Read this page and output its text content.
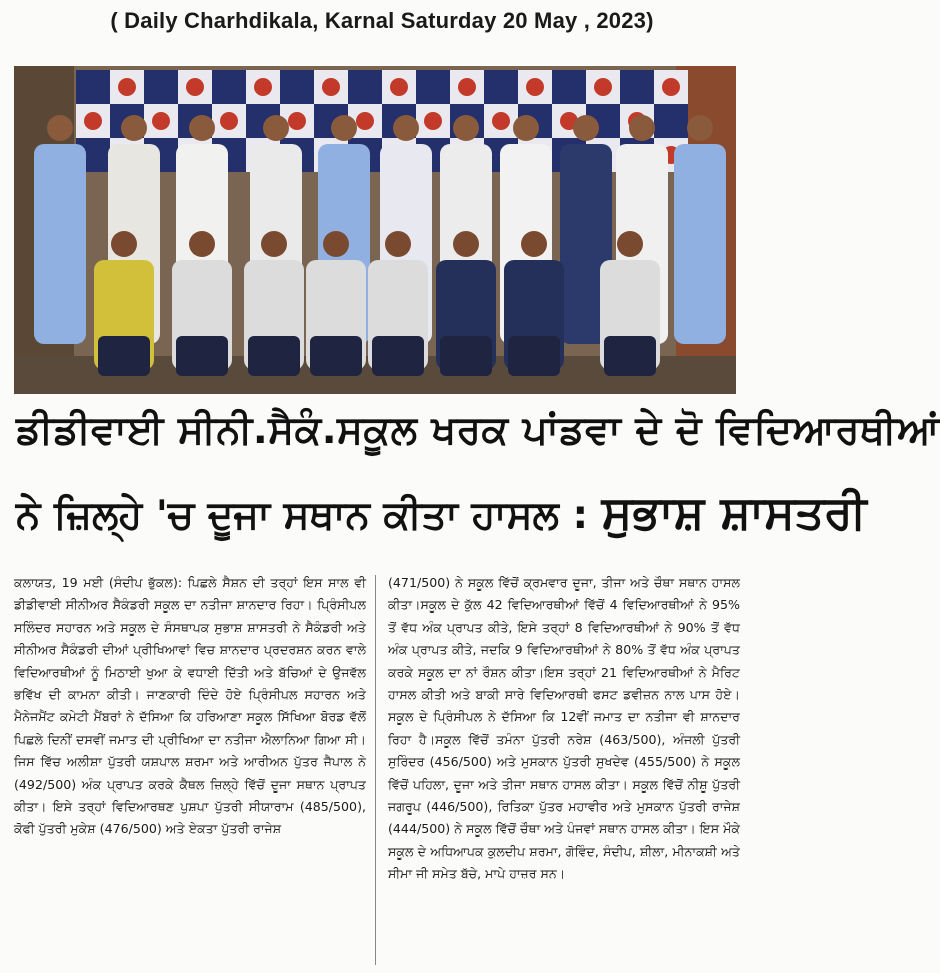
( Daily Charhdikala, Karnal Saturday 20 May , 2023)
ਡੀਡੀਵਾਈ ਸੀਨੀ.ਸੈਕੰ.ਸਕੂਲ ਖਰਕ ਪਾਂਡਵਾ ਦੇ ਦੋ ਵਿਦਿਆਰਥੀਆਂ
ਨੇ ਜ਼ਿਲ੍ਹੇ 'ਚ ਦੂਜਾ ਸਥਾਨ ਕੀਤਾ ਹਾਸਲ : ਸੁਭਾਸ਼ ਸ਼ਾਸਤਰੀ
ਕਲਾਯਤ, 19 ਮਈ (ਸੰਦੀਪ ਭੁੱਕਲ): ਪਿਛਲੇ ਸੈਸ਼ਨ ਦੀ ਤਰ੍ਹਾਂ ਇਸ ਸਾਲ ਵੀ ਡੀਡੀਵਾਈ ਸੀਨੀਅਰ ਸੈਕੰਡਰੀ ਸਕੂਲ ਦਾ ਨਤੀਜਾ ਸ਼ਾਨਦਾਰ ਰਿਹਾ। ਪ੍ਰਿੰਸੀਪਲ ਸਲਿੰਦਰ ਸਹਾਰਨ ਅਤੇ ਸਕੂਲ ਦੇ ਸੰਸਥਾਪਕ ਸੁਭਾਸ਼ ਸ਼ਾਸਤਰੀ ਨੇ ਸੈਕੰਡਰੀ ਅਤੇ ਸੀਨੀਅਰ ਸੈਕੰਡਰੀ ਦੀਆਂ ਪ੍ਰੀਖਿਆਵਾਂ ਵਿਚ ਸ਼ਾਨਦਾਰ ਪ੍ਰਦਰਸ਼ਨ ਕਰਨ ਵਾਲੇ ਵਿਦਿਆਰਥੀਆਂ ਨੂੰ ਮਿਠਾਈ ਖੁਆ ਕੇ ਵਧਾਈ ਦਿੱਤੀ ਅਤੇ ਬੱਚਿਆਂ ਦੇ ਉਜਵੱਲ ਭਵਿੱਖ ਦੀ ਕਾਮਨਾ ਕੀਤੀ। ਜਾਣਕਾਰੀ ਦਿੰਦੇ ਹੋਏ ਪ੍ਰਿੰਸੀਪਲ ਸਹਾਰਨ ਅਤੇ ਮੈਨੇਜਮੈਂਟ ਕਮੇਟੀ ਮੈਂਬਰਾਂ ਨੇ ਦੱਸਿਆ ਕਿ ਹਰਿਆਣਾ ਸਕੂਲ ਸਿੱਖਿਆ ਬੋਰਡ ਵੱਲੋਂ ਪਿਛਲੇ ਦਿਨੀਂ ਦਸਵੀਂ ਜਮਾਤ ਦੀ ਪ੍ਰੀਖਿਆ ਦਾ ਨਤੀਜਾ ਐਲਾਨਿਆ ਗਿਆ ਸੀ। ਜਿਸ ਵਿੱਚ ਅਲੀਸ਼ਾ ਪੁੱਤਰੀ ਯਸ਼ਪਾਲ ਸ਼ਰਮਾ ਅਤੇ ਆਰੀਅਨ ਪੁੱਤਰ ਜੈਪਾਲ ਨੇ (492/500) ਅੰਕ ਪ੍ਰਾਪਤ ਕਰਕੇ ਕੈਥਲ ਜ਼ਿਲ੍ਹੇ ਵਿੱਚੋਂ ਦੂਜਾ ਸਥਾਨ ਪ੍ਰਾਪਤ ਕੀਤਾ। ਇਸੇ ਤਰ੍ਹਾਂ ਵਿਦਿਆਰਥਣ ਪੁਸ਼ਪਾ ਪੁੱਤਰੀ ਸੀਯਾਰਾਮ (485/500), ਕੋਫੀ ਪੁੱਤਰੀ ਮੁਕੇਸ਼ (476/500) ਅਤੇ ਏਕਤਾ ਪੁੱਤਰੀ ਰਾਜੇਸ਼
(471/500) ਨੇ ਸਕੂਲ ਵਿੱਚੋਂ ਕ੍ਰਮਵਾਰ ਦੂਜਾ, ਤੀਜਾ ਅਤੇ ਚੌਥਾ ਸਥਾਨ ਹਾਸਲ ਕੀਤਾ।ਸਕੂਲ ਦੇ ਕੁੱਲ 42 ਵਿਦਿਆਰਥੀਆਂ ਵਿੱਚੋਂ 4 ਵਿਦਿਆਰਥੀਆਂ ਨੇ 95% ਤੋਂ ਵੱਧ ਅੰਕ ਪ੍ਰਾਪਤ ਕੀਤੇ, ਇਸੇ ਤਰ੍ਹਾਂ 8 ਵਿਦਿਆਰਥੀਆਂ ਨੇ 90% ਤੋਂ ਵੱਧ ਅੰਕ ਪ੍ਰਾਪਤ ਕੀਤੇ, ਜਦਕਿ 9 ਵਿਦਿਆਰਥੀਆਂ ਨੇ 80% ਤੋਂ ਵੱਧ ਅੰਕ ਪ੍ਰਾਪਤ ਕਰਕੇ ਸਕੂਲ ਦਾ ਨਾਂ ਰੌਸ਼ਨ ਕੀਤਾ।ਇਸ ਤਰ੍ਹਾਂ 21 ਵਿਦਿਆਰਥੀਆਂ ਨੇ ਮੈਰਿਟ ਹਾਸਲ ਕੀਤੀ ਅਤੇ ਬਾਕੀ ਸਾਰੇ ਵਿਦਿਆਰਥੀ ਫਸਟ ਡਵੀਜ਼ਨ ਨਾਲ ਪਾਸ ਹੋਏ। ਸਕੂਲ ਦੇ ਪ੍ਰਿੰਸੀਪਲ ਨੇ ਦੱਸਿਆ ਕਿ 12ਵੀਂ ਜਮਾਤ ਦਾ ਨਤੀਜਾ ਵੀ ਸ਼ਾਨਦਾਰ ਰਿਹਾ ਹੈ।ਸਕੂਲ ਵਿੱਚੋਂ ਤਮੰਨਾ ਪੁੱਤਰੀ ਨਰੇਸ਼ (463/500), ਅੰਜਲੀ ਪੁੱਤਰੀ ਸੁਰਿੰਦਰ (456/500) ਅਤੇ ਮੁਸਕਾਨ ਪੁੱਤਰੀ ਸੁਖਦੇਵ (455/500) ਨੇ ਸਕੂਲ ਵਿੱਚੋਂ ਪਹਿਲਾ, ਦੂਜਾ ਅਤੇ ਤੀਜਾ ਸਥਾਨ ਹਾਸਲ ਕੀਤਾ। ਸਕੂਲ ਵਿੱਚੋਂ ਨੀਸ਼ੂ ਪੁੱਤਰੀ ਜਗਰੂਪ (446/500), ਰਿਤਿਕਾ ਪੁੱਤਰ ਮਹਾਵੀਰ ਅਤੇ ਮੁਸਕਾਨ ਪੁੱਤਰੀ ਰਾਜੇਸ਼ (444/500) ਨੇ ਸਕੂਲ ਵਿੱਚੋਂ ਚੌਥਾ ਅਤੇ ਪੰਜਵਾਂ ਸਥਾਨ ਹਾਸਲ ਕੀਤਾ। ਇਸ ਮੌਕੇ ਸਕੂਲ ਦੇ ਅਧਿਆਪਕ ਕੁਲਦੀਪ ਸ਼ਰਮਾ, ਗੋਵਿੰਦ, ਸੰਦੀਪ, ਸ਼ੀਲਾ, ਮੀਨਾਕਸ਼ੀ ਅਤੇ ਸੀਮਾ ਜੀ ਸਮੇਤ ਬੱਚੇ, ਮਾਪੇ ਹਾਜ਼ਰ ਸਨ।
